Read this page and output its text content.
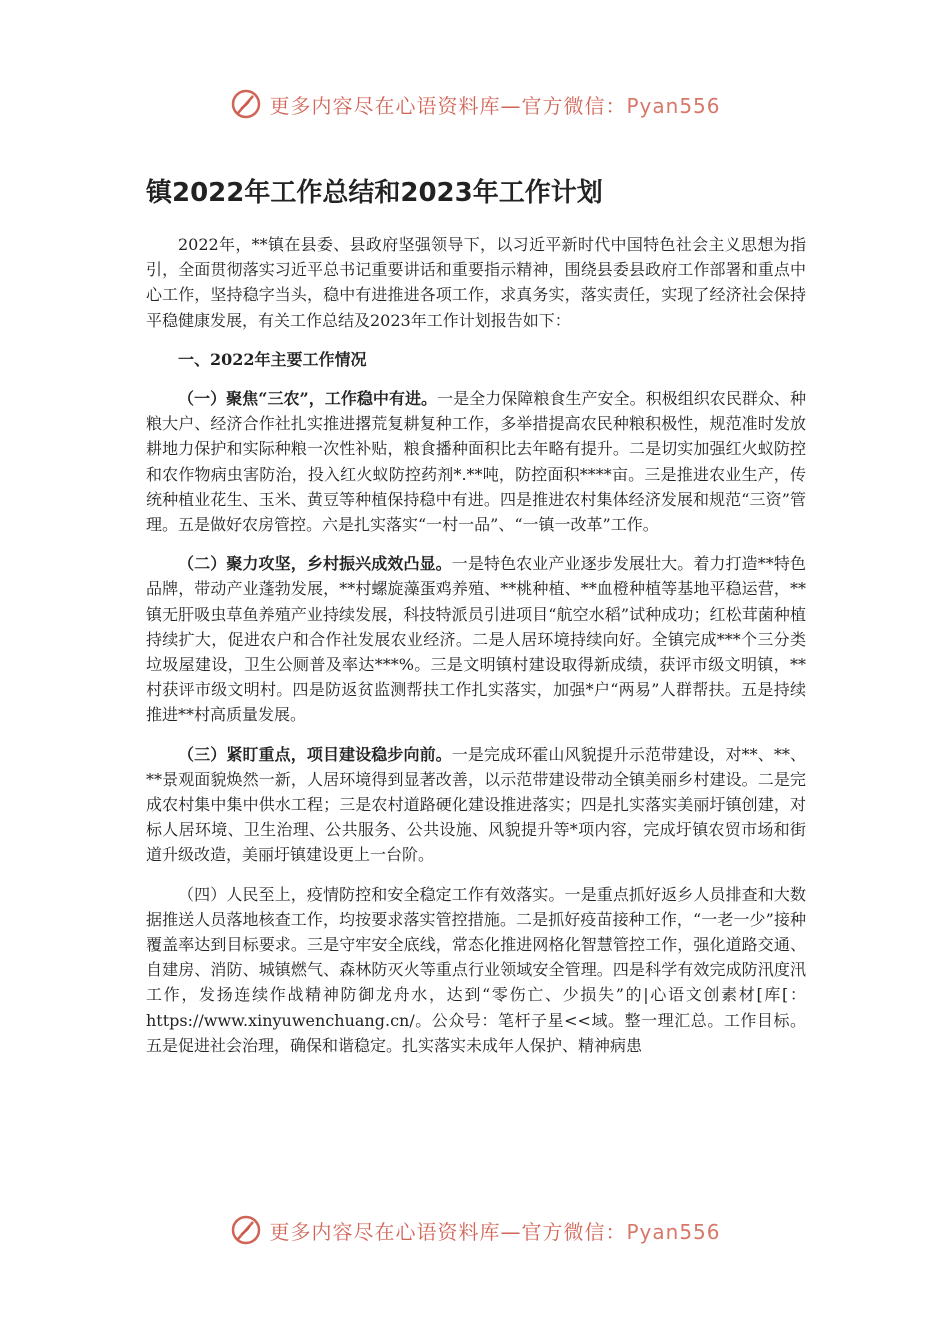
更多内容尽在心语资料库—官方微信：Pyan556
镇2022年工作总结和2023年工作计划

2022年，**镇在县委、县政府坚强领导下，以习近平新时代中国特色社会主义思想为指引，全面贯彻落实习近平总书记重要讲话和重要指示精神，围绕县委县政府工作部署和重点中心工作，坚持稳字当头，稳中有进推进各项工作，求真务实，落实责任，实现了经济社会保持平稳健康发展，有关工作总结及2023年工作计划报告如下：

一、2022年主要工作情况

（一）聚焦“三农”，工作稳中有进。一是全力保障粮食生产安全。积极组织农民群众、种粮大户、经济合作社扎实推进撂荒复耕复种工作，多举措提高农民种粮积极性，规范准时发放耕地力保护和实际种粮一次性补贴，粮食播种面积比去年略有提升。二是切实加强红火蚁防控和农作物病虫害防治，投入红火蚁防控药剂*.**吨，防控面积****亩。三是推进农业生产，传统种植业花生、玉米、黄豆等种植保持稳中有进。四是推进农村集体经济发展和规范“三资”管理。五是做好农房管控。六是扎实落实“一村一品”、“一镇一改革”工作。

（二）聚力攻坚，乡村振兴成效凸显。一是特色农业产业逐步发展壮大。着力打造**特色品牌，带动产业蓬勃发展，**村螺旋藻蛋鸡养殖、**桃种植、**血橙种植等基地平稳运营，**镇无肝吸虫草鱼养殖产业持续发展，科技特派员引进项目“航空水稻”试种成功；红松茸菌种植持续扩大，促进农户和合作社发展农业经济。二是人居环境持续向好。全镇完成***个三分类垃圾屋建设，卫生公厕普及率达***%。三是文明镇村建设取得新成绩，获评市级文明镇，**村获评市级文明村。四是防返贫监测帮扶工作扎实落实，加强*户“两易”人群帮扶。五是持续推进**村高质量发展。

（三）紧盯重点，项目建设稳步向前。一是完成环霍山风貌提升示范带建设，对**、**、**景观面貌焕然一新，人居环境得到显著改善，以示范带建设带动全镇美丽乡村建设。二是完成农村集中集中供水工程；三是农村道路硬化建设推进落实；四是扎实落实美丽圩镇创建，对标人居环境、卫生治理、公共服务、公共设施、风貌提升等*项内容，完成圩镇农贸市场和街道升级改造，美丽圩镇建设更上一台阶。

（四）人民至上，疫情防控和安全稳定工作有效落实。一是重点抓好返乡人员排查和大数据推送人员落地核查工作，均按要求落实管控措施。二是抓好疫苗接种工作，“一老一少”接种覆盖率达到目标要求。三是守牢安全底线，常态化推进网格化智慧管控工作，强化道路交通、自建房、消防、城镇燃气、森林防灭火等重点行业领域安全管理。四是科学有效完成防汛度汛工作，发扬连续作战精神防御龙舟水，达到“零伤亡、少损失”的|心语文创素材[库[：https://www.xinyuwenchuang.cn/。公众号：笔杆子星<<域。整一理汇总。工作目标。五是促进社会治理，确保和谐稳定。扎实落实未成年人保护、精神病患

更多内容尽在心语资料库—官方微信：Pyan556
